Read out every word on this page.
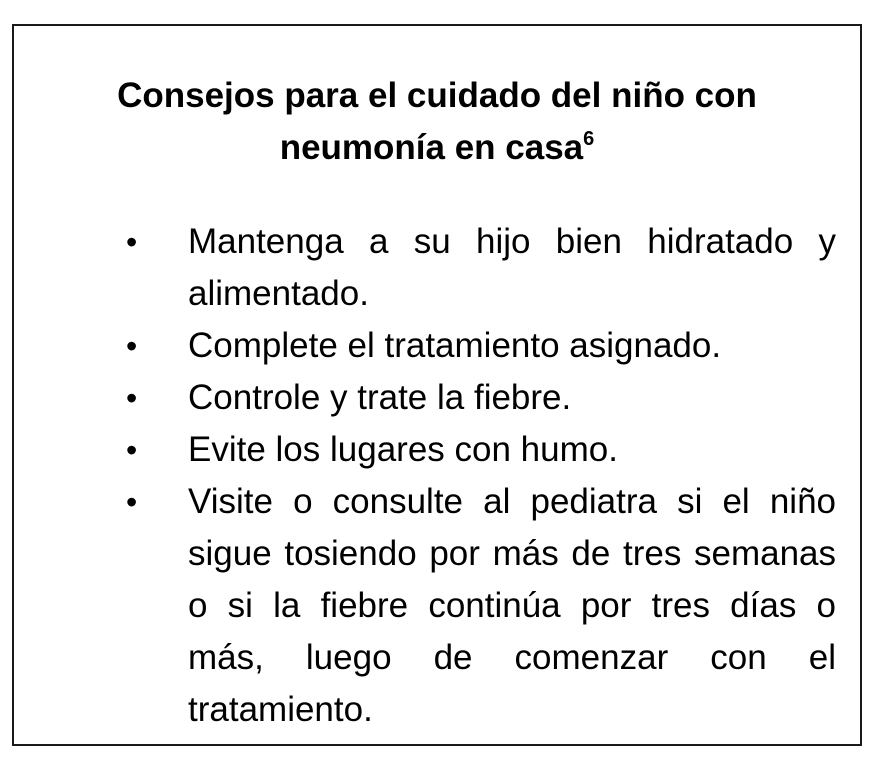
Consejos para el cuidado del niño con
neumonía en casa$^6$
• Mantenga a su hijo bien hidratado y alimentado.
• Complete el tratamiento asignado.
• Controle y trate la fiebre.
• Evite los lugares con humo.
• Visite o consulte al pediatra si el niño sigue tosiendo por más de tres semanas o si la fiebre continúa por tres días o más, luego de comenzar con el tratamiento.
